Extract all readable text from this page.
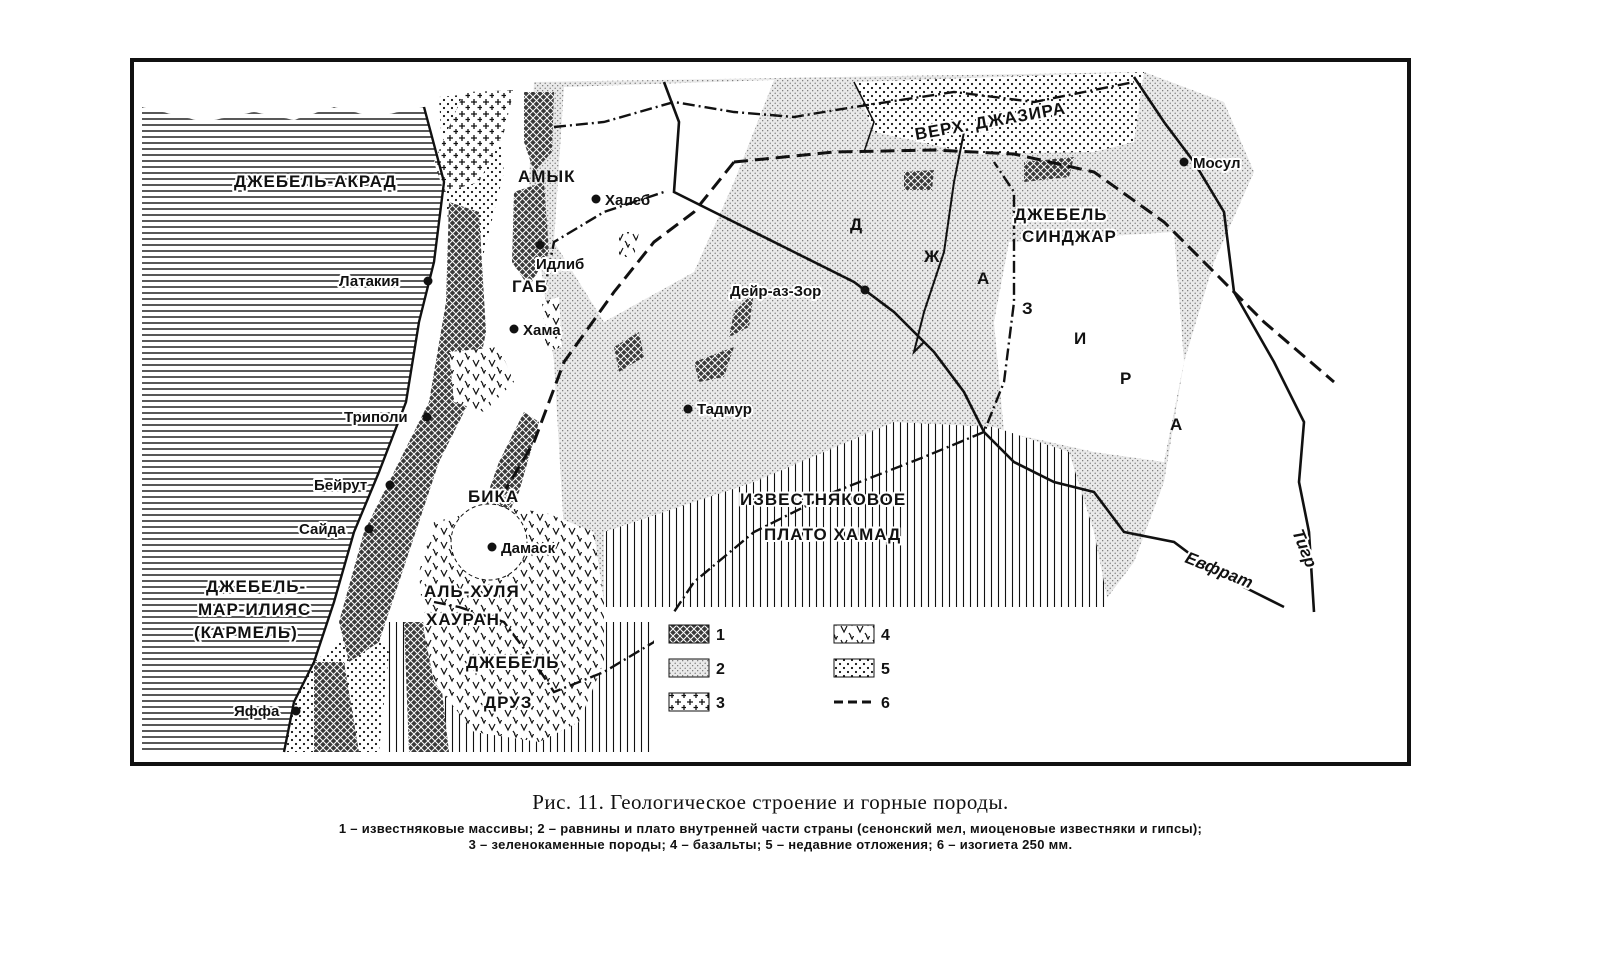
ДЖЕБЕЛЬ-АКРАД	АМЫК
ГАБ
БИКА
ВЕРХ. ДЖАЗИРА
ДЖЕБЕЛЬ
СИНДЖАР
Д
Ж
А
З
И
Р
А
ИЗВЕСТНЯКОВОЕ
ПЛАТО ХАМАД
ДЖЕБЕЛЬ-
МАР-ИЛИЯС
(КАРМЕЛЬ)
АЛЬ-ХУЛЯ
ХАУРАН
ДЖЕБЕЛЬ
ДРУЗ
Халеб
Идлиб
Латакия
Хама
Триполи
Бейрут
Сайда
Дамаск
Яффа
Дейр-аз-Зор
Тадмур
Мосул
Евфрат Тигр
1
2
3
4
5
6
Рис. 11. Геологическое строение и горные породы.
1 – известняковые массивы; 2 – равнины и плато внутренней части страны (сенонский мел, миоценовые известняки и гипсы);
3 – зеленокаменные породы; 4 – базальты; 5 – недавние отложения; 6 – изогиета 250 мм.
